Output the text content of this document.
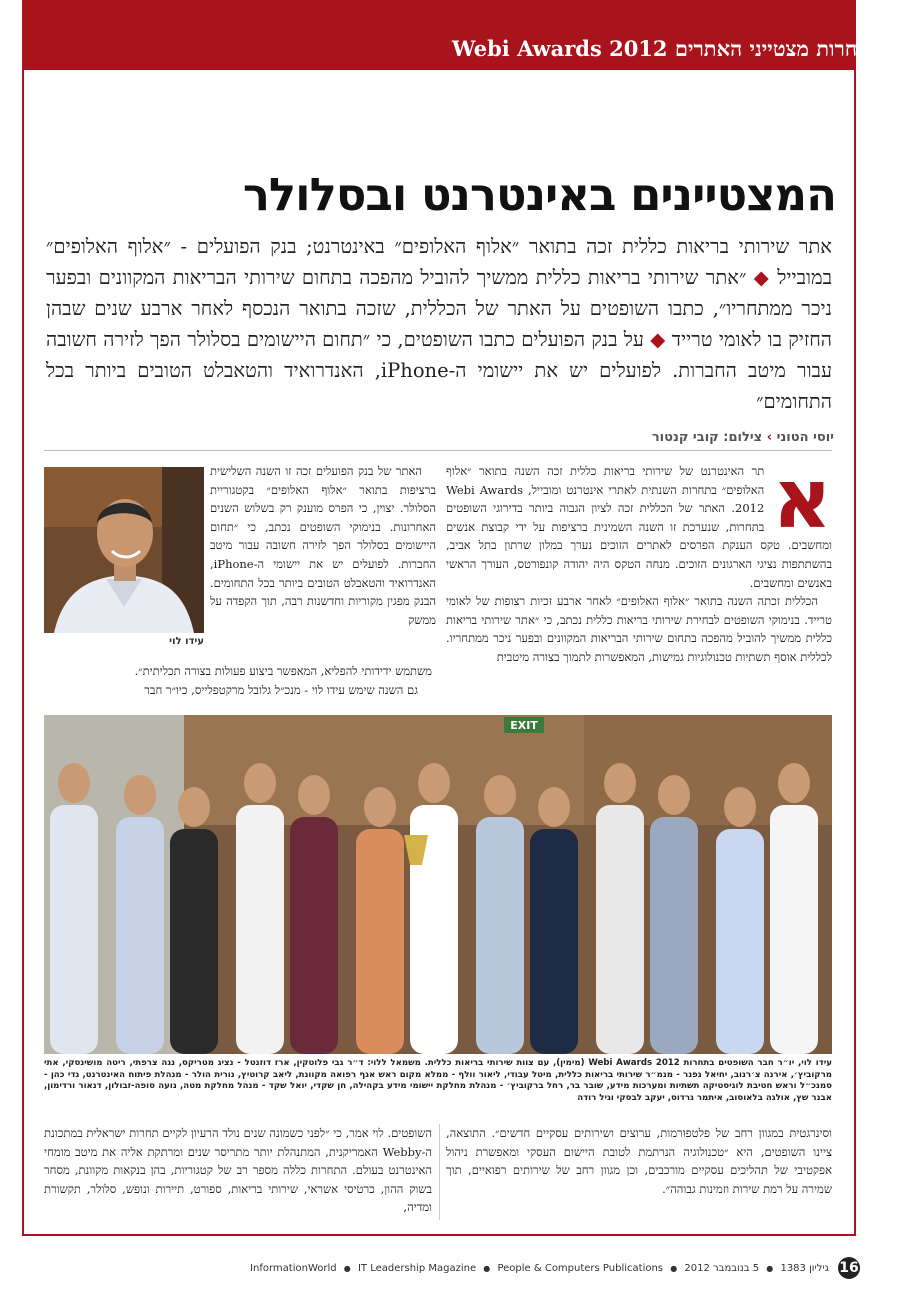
תחרות מצטייני האתרים Webi Awards 2012
המצטיינים באינטרנט ובסלולר
אתר שירותי בריאות כללית זכה בתואר ״אלוף האלופים״ באינטרנט; בנק הפועלים - ״אלוף האלופים״ במובייל ◆ ״אתר שירותי בריאות כללית ממשיך להוביל מהפכה בתחום שירותי הבריאות המקוונים ובפער ניכר ממתחריו״, כתבו השופטים על האתר של הכללית, שזכה בתואר הנכסף לאחר ארבע שנים שבהן החזיק בו לאומי טרייד ◆ על בנק הפועלים כתבו השופטים, כי ״תחום היישומים בסלולר הפך לזירה חשובה עבור מיטב החברות. לפועלים יש את יישומי ה-iPhone, האנדרואיד והטאבלט הטובים ביותר בכל התחומים״
יוסי הטוני › צילום: קובי קנטור
א

תר האינטרנט של שירותי בריאות כללית זכה השנה בתואר ״אלוף האלופים״ בתחרות השנתית לאתרי אינטרנט ומובייל, Webi Awards 2012. האתר של הכללית זכה לציון הגבוה ביותר בדירוגי השופטים בתחרות, שנערכת זו השנה השמינית ברציפות על ידי קבוצת אנשים ומחשבים. טקס הענקת הפרסים לאתרים הזוכים נערך במלון שרתון בתל אביב, בהשתתפות נציגי הארגונים הזוכים. מנחה הטקס היה יהודה קונפורטס, העורך הראשי באנשים ומחשבים.

הכללית זכתה השנה בתואר ״אלוף האלופים״ לאחר ארבע זכיות רצופות של לאומי טרייד. בנימוקי השופטים לבחירת שירותי בריאות כללית נכתב, כי ״אתר שירותי בריאות כללית ממשיך להוביל מהפכה בתחום שירותי הבריאות המקוונים ובפער ניכר ממתחריו. לכללית אוסף תשתיות טכנולוגיות גמישות, המאפשרות לתמוך בצורה מיטבית

האתר של בנק הפועלים זכה זו השנה השלישית ברציפות בתואר ״אלוף האלופים״ בקטגוריית הסלולר. יצוין, כי הפרס מוענק רק בשלוש השנים האחרונות. בנימוקי השופטים נכתב, כי ״תחום היישומים בסלולר הפך לזירה חשובה עבור מיטב החברות. לפועלים יש את יישומי ה-iPhone, האנדרואיד והטאבלט הטובים ביותר בכל התחומים. הבנק מפגין מקוריות וחדשנות רבה, תוך הקפדה על ממשק

עידו לוי
משתמש ידידותי להפליא, המאפשר ביצוע פעולות בצורה תכליתית״.
גם השנה שימש עידו לוי - מנכ״ל גלובל מרקטפלייס, כיו״ר חבר
EXIT
עידו לוי, יו״ר חבר השופטים בתחרות Webi Awards 2012 (מימין), עם צוות שירותי בריאות כללית. משמאל ללוי: ד״ר גבי פלוטקין, ארז דוזנטל - נציג מטריקס, נגה צרפתי, ריטה מושינסקי, אתי מרקוביץ׳, אירנה צ׳רנוב, יחיאל גפנר - מנמ״ר שירותי בריאות כללית, מיטל עבודי, ליאור וולף - ממלא מקום ראש אגף רפואה מקוונת, ליאב קרוטיץ, נורית הולר - מנהלת פיתוח האינטרנט, גדי כהן - סמנכ״ל וראש חטיבת לוגיסטיקה תשתיות ומערכות מידע, שובר בר, רחל ברקוביץ׳ - מנהלת מחלקת יישומי מידע בקהילה, חן שקדי, יואל שקד - מנהל מחלקת מטה, נועה סופה-זבולון, דנאור ורדימון, אבנר שץ, אולגה בלאוסוב, איתמר גרדוס, יעקב לבסקי וגיל רודה
וסינרגטית במגוון רחב של פלטפורמות, ערוצים ושירותים עסקיים חדשים״. התוצאה, ציינו השופטים, היא ״טכנולוגיה הנרתמת לטובת היישום העסקי ומאפשרת ניהול אפקטיבי של תהליכים עסקיים מורכבים, וכן מגוון רחב של שירותים רפואיים, תוך שמירה על רמת שירות וזמינות גבוהה״.
השופטים. לוי אמר, כי ״לפני כשמונה שנים נולד הרעיון לקיים תחרות ישראלית במתכונת ה-Webby האמריקנית, המתנהלת יותר מתריסר שנים ומרתקת אליה את מיטב מומחי האינטרנט בעולם. התחרות כללה מספר רב של קטגוריות, בהן בנקאות מקוונת, מסחר בשוק ההון, כרטיסי אשראי, שירותי בריאות, ספורט, תיירות ונופש, סלולר, תקשורת ומדיה,
16 גיליון 1383 ● 5 בנובמבר 2012 ● InformationWorld ● IT Leadership Magazine ● People & Computers Publications
